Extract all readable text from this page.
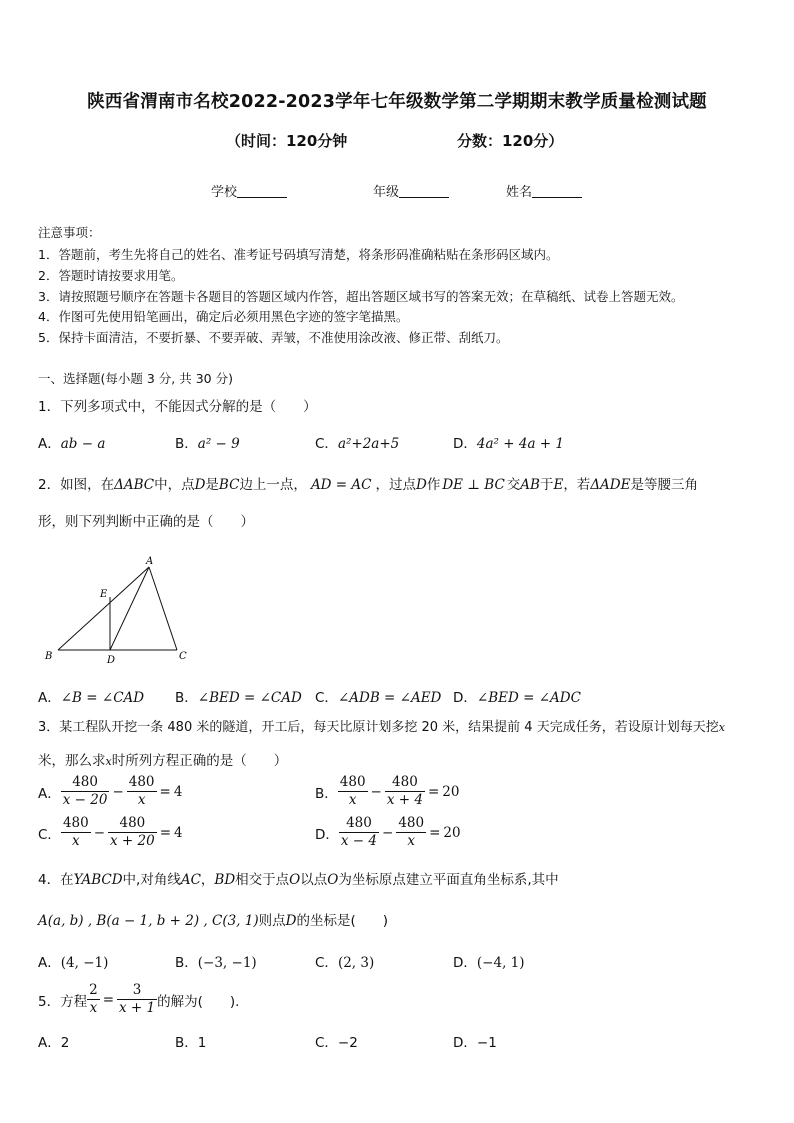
陕西省渭南市名校2022-2023学年七年级数学第二学期期末教学质量检测试题
（时间：120分钟	分数：120分）
学校	年级	姓名
注意事项：
1．答题前，考生先将自己的姓名、准考证号码填写清楚，将条形码准确粘贴在条形码区域内。
2．答题时请按要求用笔。
3．请按照题号顺序在答题卡各题目的答题区域内作答，超出答题区域书写的答案无效；在草稿纸、试卷上答题无效。
4．作图可先使用铅笔画出，确定后必须用黑色字迹的签字笔描黑。
5．保持卡面清洁，不要折暴、不要弄破、弄皱，不准使用涂改液、修正带、刮纸刀。
一、选择题(每小题 3 分, 共 30 分)
1．下列多项式中，不能因式分解的是（　　）
A．ab − a	B．a² − 9	C．a²+2a+5	D．4a² + 4a + 1
2．如图，在ΔABC中，点D是BC边上一点， AD = AC ，过点D作 DE ⊥ BC 交AB于E，若ΔADE是等腰三角
形，则下列判断中正确的是（　　）
A
E
B	D	C
A．∠B = ∠CAD B．∠BED = ∠CAD C．∠ADB = ∠AED D．∠BED = ∠ADC
3．某工程队开挖一条 480 米的隧道，开工后，每天比原计划多挖 20 米，结果提前 4 天完成任务，若设原计划每天挖x
米，那么求x时所列方程正确的是（　　）
A． $\frac{480}{x - 20} - \frac{480}{x} = 4$	B． $\frac{480}{x} - \frac{480}{x + 4} = 20$
C． $\frac{480}{x} - \frac{480}{x + 20} = 4$	D． $\frac{480}{x - 4} - \frac{480}{x} = 20$
4．在YABCD中,对角线AC，BD相交于点O以点O为坐标原点建立平面直角坐标系,其中
A(a, b) , B(a − 1, b + 2) , C(3, 1)则点D的坐标是(　　)
A．(4, −1)	B．(−3, −1)	C．(2, 3)	D．(−4, 1)
5．方程 $\frac{2}{x} = \frac{3}{x + 1}$ 的解为(　　).
A．2	B．1	C．−2	D．−1
